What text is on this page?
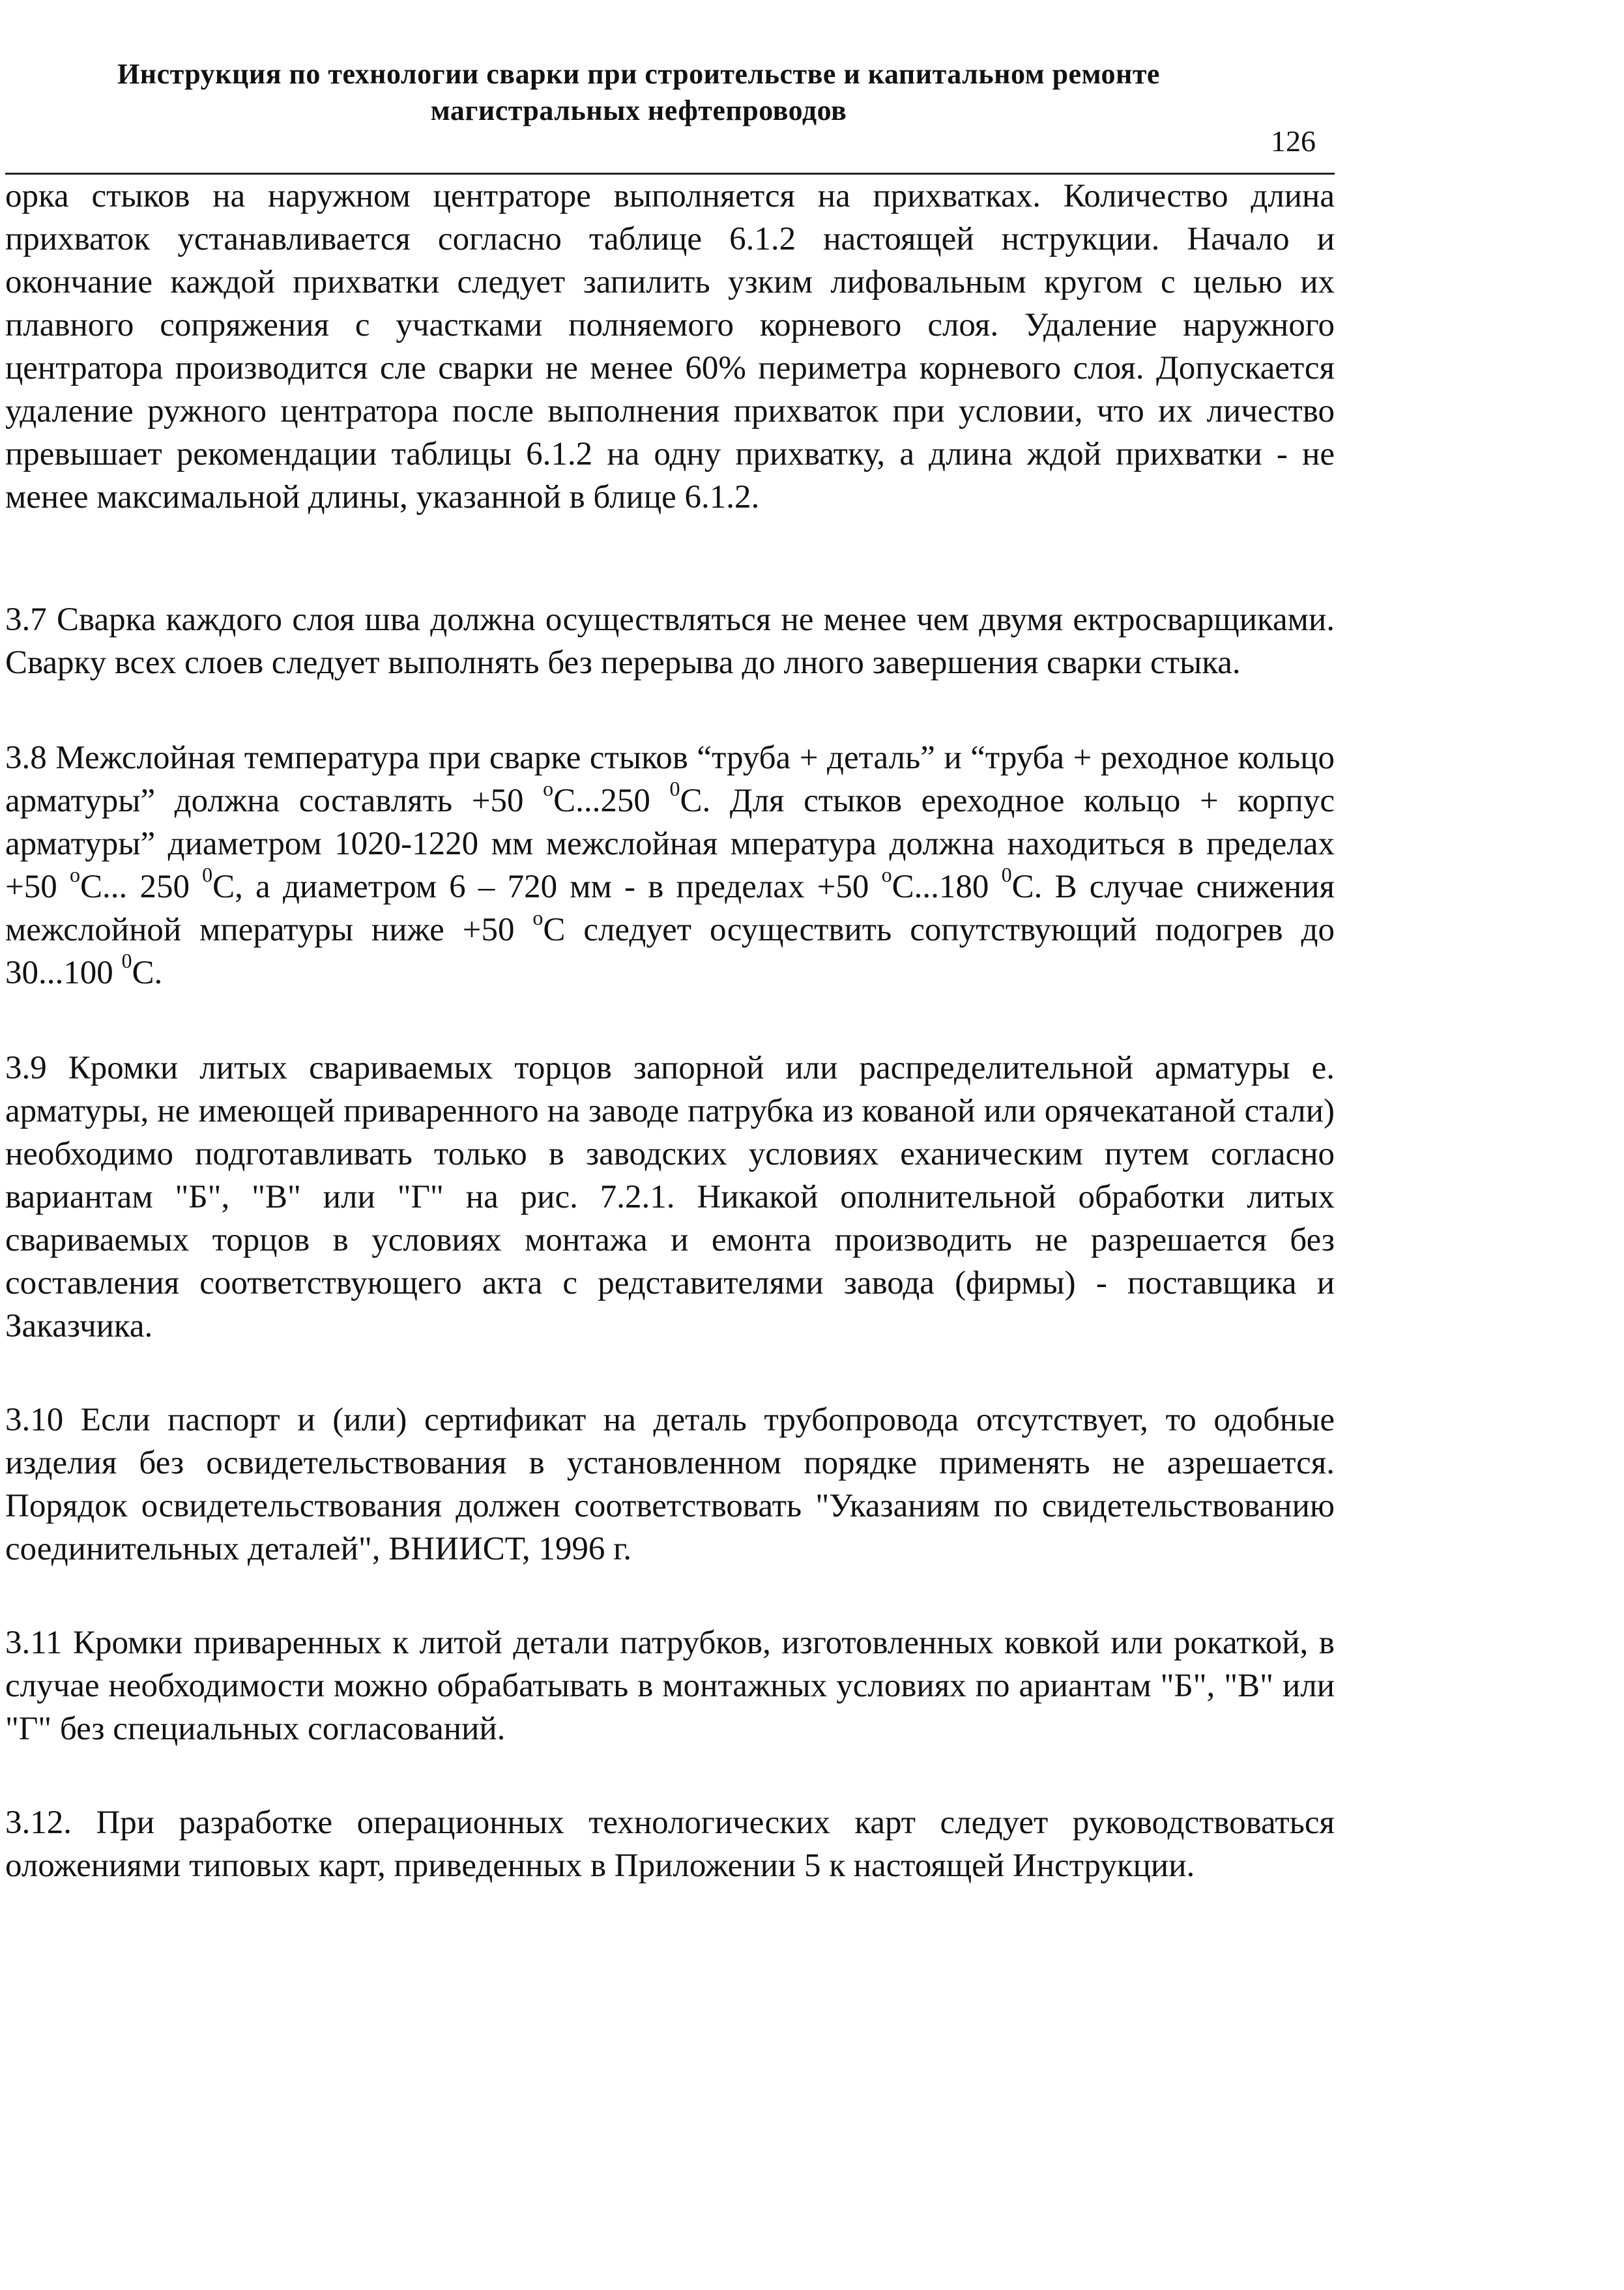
Инструкция по технологии сварки при строительстве и капитальном ремонте
магистральных нефтепроводов
126

орка стыков на наружном центраторе выполняется на прихватках. Количество длина прихваток устанавливается согласно таблице 6.1.2 настоящей нструкции. Начало и окончание каждой прихватки следует запилить узким лифовальным кругом с целью их плавного сопряжения с участками полняемого корневого слоя. Удаление наружного центратора производится сле сварки не менее 60% периметра корневого слоя. Допускается удаление ружного центратора после выполнения прихваток при условии, что их личество превышает рекомендации таблицы 6.1.2 на одну прихватку, а длина ждой прихватки - не менее максимальной длины, указанной в блице 6.1.2.

3.7 Сварка каждого слоя шва должна осуществляться не менее чем двумя ектросварщиками. Сварку всех слоев следует выполнять без перерыва до лного завершения сварки стыка.

3.8 Межслойная температура при сварке стыков “труба + деталь” и “труба + реходное кольцо арматуры” должна составлять +50 $^о$С...250 $^0$С. Для стыков ереходное кольцо + корпус арматуры” диаметром 1020-1220 мм межслойная мпература должна находиться в пределах +50 $^о$С... 250 $^0$С, а диаметром 6 – 720 мм - в пределах +50 $^о$С...180 $^0$С. В случае снижения межслойной мпературы ниже +50 $^о$С следует осуществить сопутствующий подогрев до 30...100 $^0$С.

3.9 Кромки литых свариваемых торцов запорной или распределительной арматуры е. арматуры, не имеющей приваренного на заводе патрубка из кованой или орячекатаной стали) необходимо подготавливать только в заводских условиях еханическим путем согласно вариантам "Б", "В" или "Г" на рис. 7.2.1. Никакой ополнительной обработки литых свариваемых торцов в условиях монтажа и емонта производить не разрешается без составления соответствующего акта с редставителями завода (фирмы) - поставщика и Заказчика.

3.10 Если паспорт и (или) сертификат на деталь трубопровода отсутствует, то одобные изделия без освидетельствования в установленном порядке применять не азрешается. Порядок освидетельствования должен соответствовать "Указаниям по свидетельствованию соединительных деталей", ВНИИСТ, 1996 г.

3.11 Кромки приваренных к литой детали патрубков, изготовленных ковкой или рокаткой, в случае необходимости можно обрабатывать в монтажных условиях по ариантам "Б", "В" или "Г" без специальных согласований.

3.12. При разработке операционных технологических карт следует руководствоваться оложениями типовых карт, приведенных в Приложении 5 к настоящей Инструкции.
